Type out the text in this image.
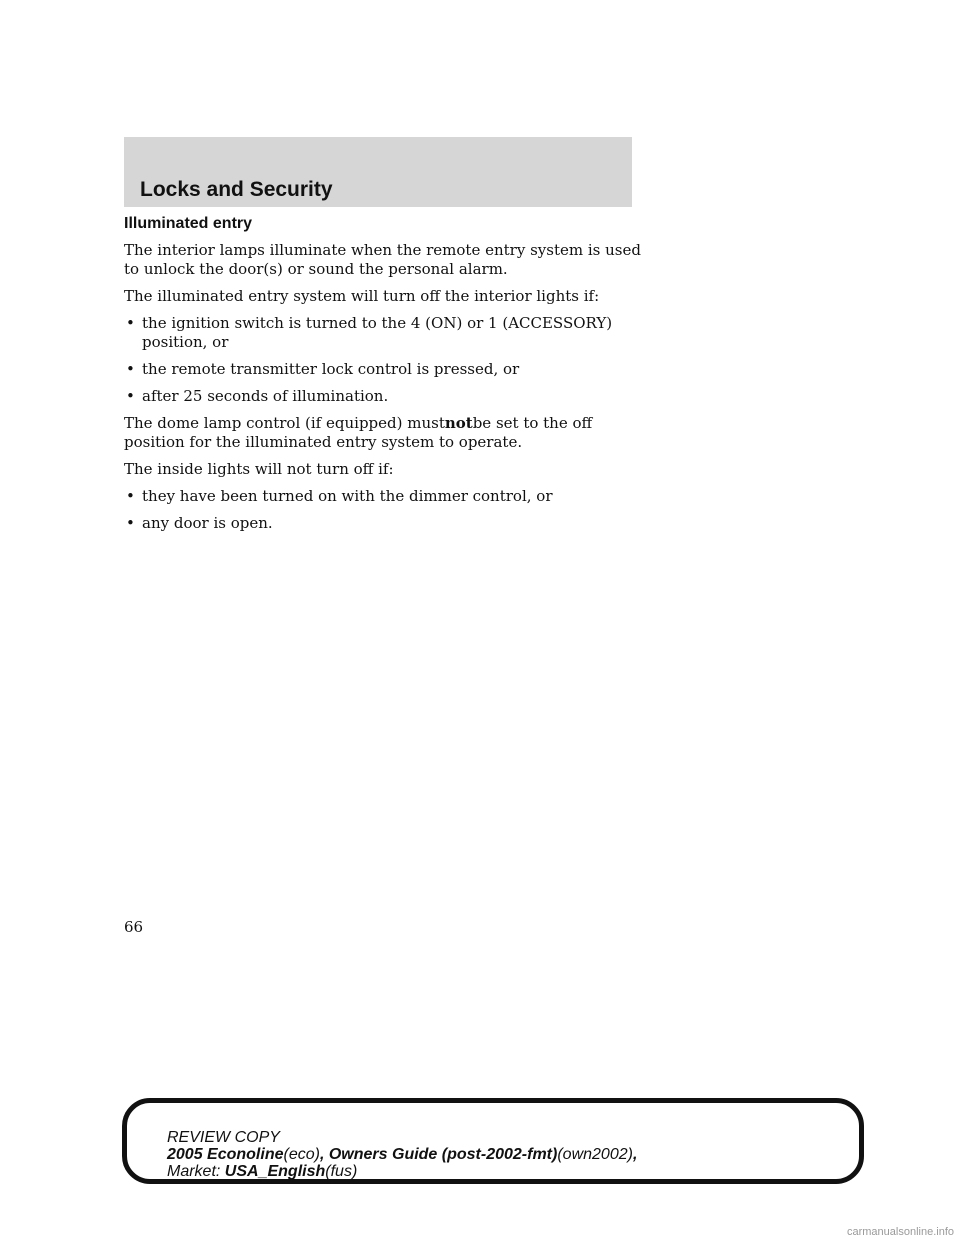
Locks and Security
Illuminated entry

The interior lamps illuminate when the remote entry system is used to unlock the door(s) or sound the personal alarm.

The illuminated entry system will turn off the interior lights if:

• the ignition switch is turned to the 4 (ON) or 1 (ACCESSORY) position, or
• the remote transmitter lock control is pressed, or
• after 25 seconds of illumination.

The dome lamp control (if equipped) mustnotbe set to the off position for the illuminated entry system to operate.

The inside lights will not turn off if:

• they have been turned on with the dimmer control, or
• any door is open.
66
REVIEW COPY
2005 Econoline(eco), Owners Guide (post-2002-fmt)(own2002),
Market: USA_English(fus)
carmanualsonline.info
